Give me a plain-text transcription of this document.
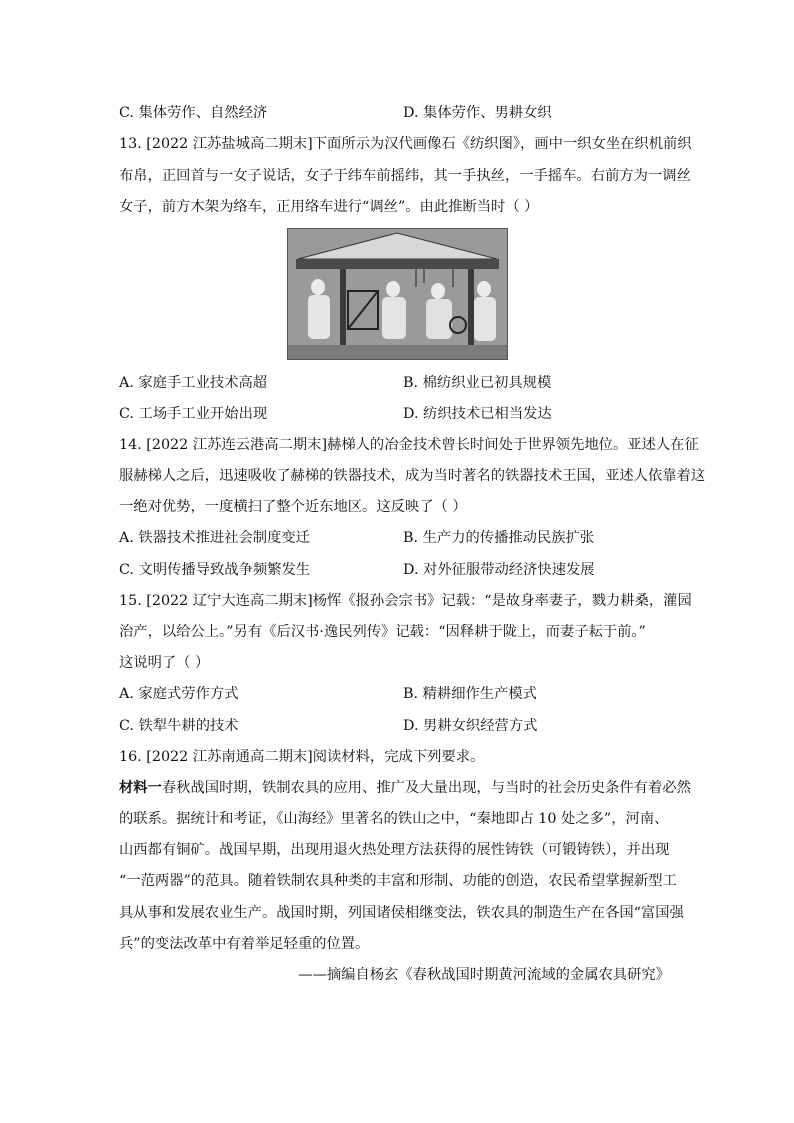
C. 集体劳作、自然经济	D. 集体劳作、男耕女织
13. [2022 江苏盐城高二期末]下面所示为汉代画像石《纺织图》，画中一织女坐在织机前织
布帛，正回首与一女子说话，女子于纬车前摇纬，其一手执丝，一手摇车。右前方为一调丝
女子，前方木架为络车，正用络车进行“调丝”。由此推断当时（ ）
A. 家庭手工业技术高超	B. 棉纺织业已初具规模
C. 工场手工业开始出现	D. 纺织技术已相当发达
14. [2022 江苏连云港高二期末]赫梯人的冶金技术曾长时间处于世界领先地位。亚述人在征
服赫梯人之后，迅速吸收了赫梯的铁器技术，成为当时著名的铁器技术王国，亚述人依靠着这
一绝对优势，一度横扫了整个近东地区。这反映了（ ）
A. 铁器技术推进社会制度变迁	B. 生产力的传播推动民族扩张
C. 文明传播导致战争频繁发生	D. 对外征服带动经济快速发展
15. [2022 辽宁大连高二期末]杨恽《报孙会宗书》记载：“是故身率妻子，戮力耕桑，灌园
治产，以给公上。”另有《后汉书·逸民列传》记载：“因释耕于陇上，而妻子耘于前。”
这说明了（ ）
A. 家庭式劳作方式	B. 精耕细作生产模式
C. 铁犁牛耕的技术	D. 男耕女织经营方式
16. [2022 江苏南通高二期末]阅读材料，完成下列要求。
材料一春秋战国时期，铁制农具的应用、推广及大量出现，与当时的社会历史条件有着必然
的联系。据统计和考证，《山海经》里著名的铁山之中，“秦地即占 10 处之多”，河南、
山西都有铜矿。战国早期，出现用退火热处理方法获得的展性铸铁（可锻铸铁），并出现
“一范两器”的范具。随着铁制农具种类的丰富和形制、功能的创造，农民希望掌握新型工
具从事和发展农业生产。战国时期，列国诸侯相继变法，铁农具的制造生产在各国“富国强
兵”的变法改革中有着举足轻重的位置。
——摘编自杨玄《春秋战国时期黄河流域的金属农具研究》
